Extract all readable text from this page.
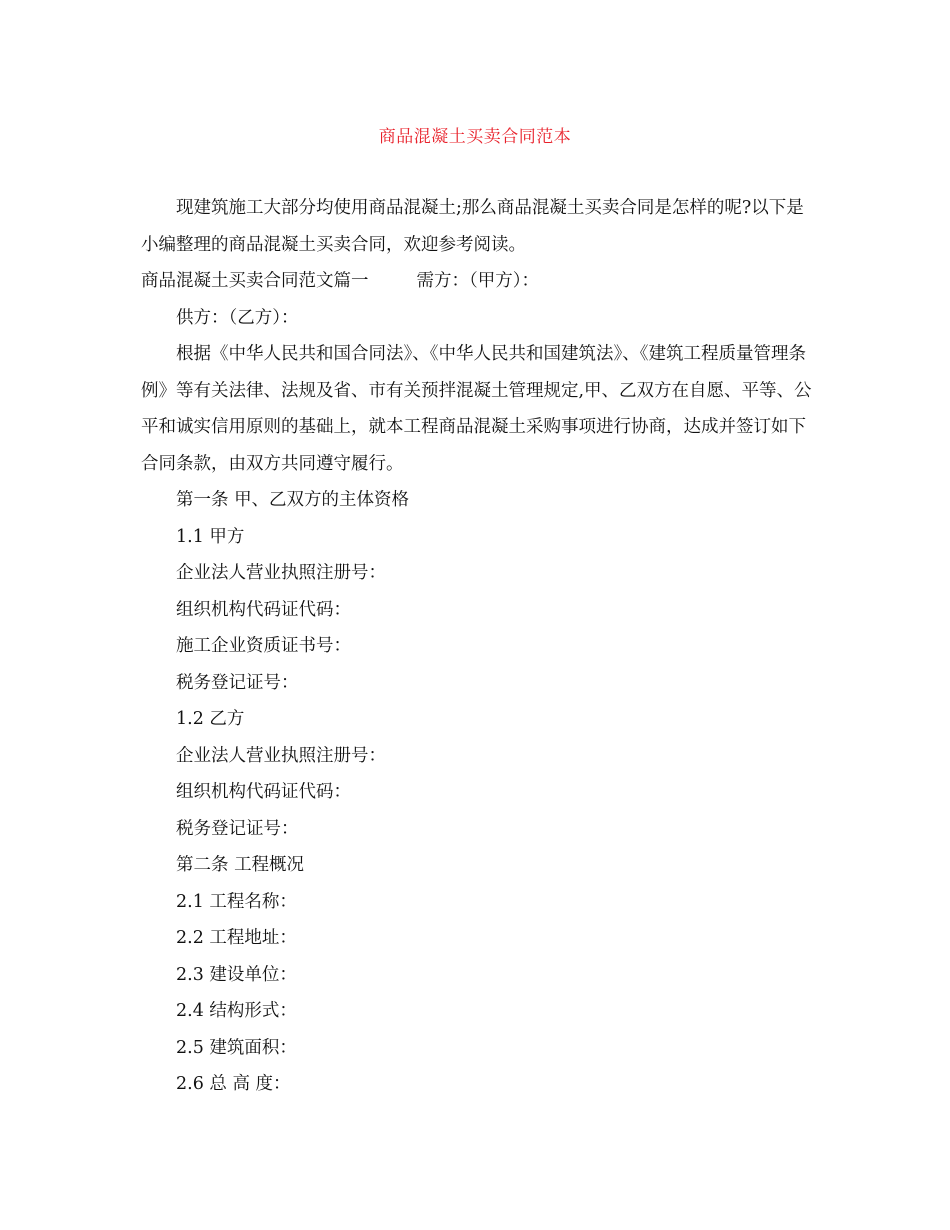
商品混凝土买卖合同范本

现建筑施工大部分均使用商品混凝土;那么商品混凝土买卖合同是怎样的呢?以下是小编整理的商品混凝土买卖合同，欢迎参考阅读。

商品混凝土买卖合同范文篇一	需方：（甲方）：

供方：（乙方）：

根据《中华人民共和国合同法》、《中华人民共和国建筑法》、《建筑工程质量管理条例》等有关法律、法规及省、市有关预拌混凝土管理规定,甲、乙双方在自愿、平等、公平和诚实信用原则的基础上，就本工程商品混凝土采购事项进行协商，达成并签订如下合同条款，由双方共同遵守履行。

第一条 甲、乙双方的主体资格

1.1 甲方

企业法人营业执照注册号：

组织机构代码证代码：

施工企业资质证书号：

税务登记证号：

1.2 乙方

企业法人营业执照注册号：

组织机构代码证代码：

税务登记证号：

第二条 工程概况

2.1 工程名称：

2.2 工程地址：

2.3 建设单位：

2.4 结构形式：

2.5 建筑面积：

2.6 总 高 度：
